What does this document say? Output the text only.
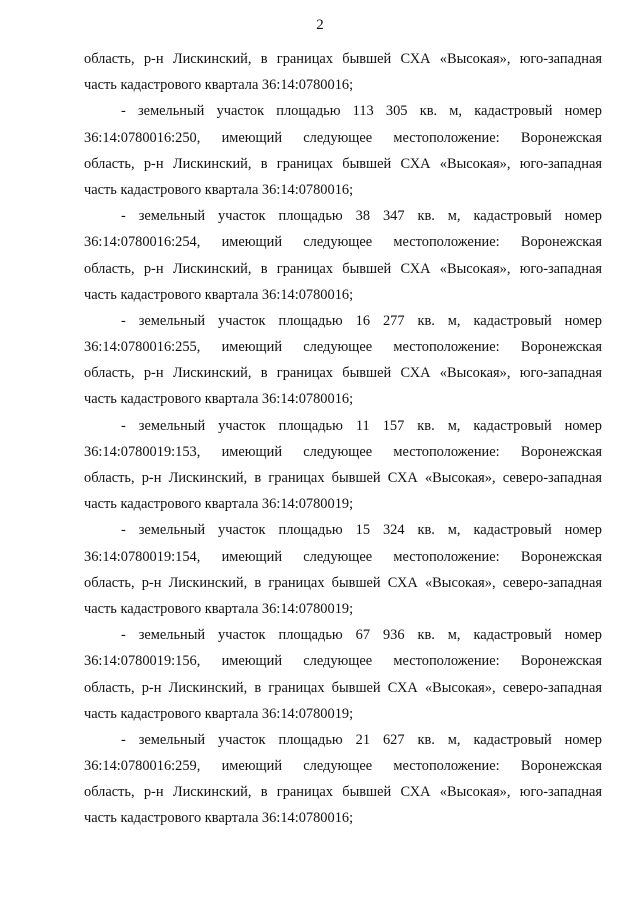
2
область, р-н Лискинский, в границах бывшей СХА «Высокая», юго-западная
часть кадастрового квартала 36:14:0780016;
- земельный участок площадью 113 305 кв. м, кадастровый номер
36:14:0780016:250, имеющий следующее местоположение: Воронежская
область, р-н Лискинский, в границах бывшей СХА «Высокая», юго-западная
часть кадастрового квартала 36:14:0780016;
- земельный участок площадью 38 347 кв. м, кадастровый номер
36:14:0780016:254, имеющий следующее местоположение: Воронежская
область, р-н Лискинский, в границах бывшей СХА «Высокая», юго-западная
часть кадастрового квартала 36:14:0780016;
- земельный участок площадью 16 277 кв. м, кадастровый номер
36:14:0780016:255, имеющий следующее местоположение: Воронежская
область, р-н Лискинский, в границах бывшей СХА «Высокая», юго-западная
часть кадастрового квартала 36:14:0780016;
- земельный участок площадью 11 157 кв. м, кадастровый номер
36:14:0780019:153, имеющий следующее местоположение: Воронежская
область, р-н Лискинский, в границах бывшей СХА «Высокая», северо-западная
часть кадастрового квартала 36:14:0780019;
- земельный участок площадью 15 324 кв. м, кадастровый номер
36:14:0780019:154, имеющий следующее местоположение: Воронежская
область, р-н Лискинский, в границах бывшей СХА «Высокая», северо-западная
часть кадастрового квартала 36:14:0780019;
- земельный участок площадью 67 936 кв. м, кадастровый номер
36:14:0780019:156, имеющий следующее местоположение: Воронежская
область, р-н Лискинский, в границах бывшей СХА «Высокая», северо-западная
часть кадастрового квартала 36:14:0780019;
- земельный участок площадью 21 627 кв. м, кадастровый номер
36:14:0780016:259, имеющий следующее местоположение: Воронежская
область, р-н Лискинский, в границах бывшей СХА «Высокая», юго-западная
часть кадастрового квартала 36:14:0780016;
